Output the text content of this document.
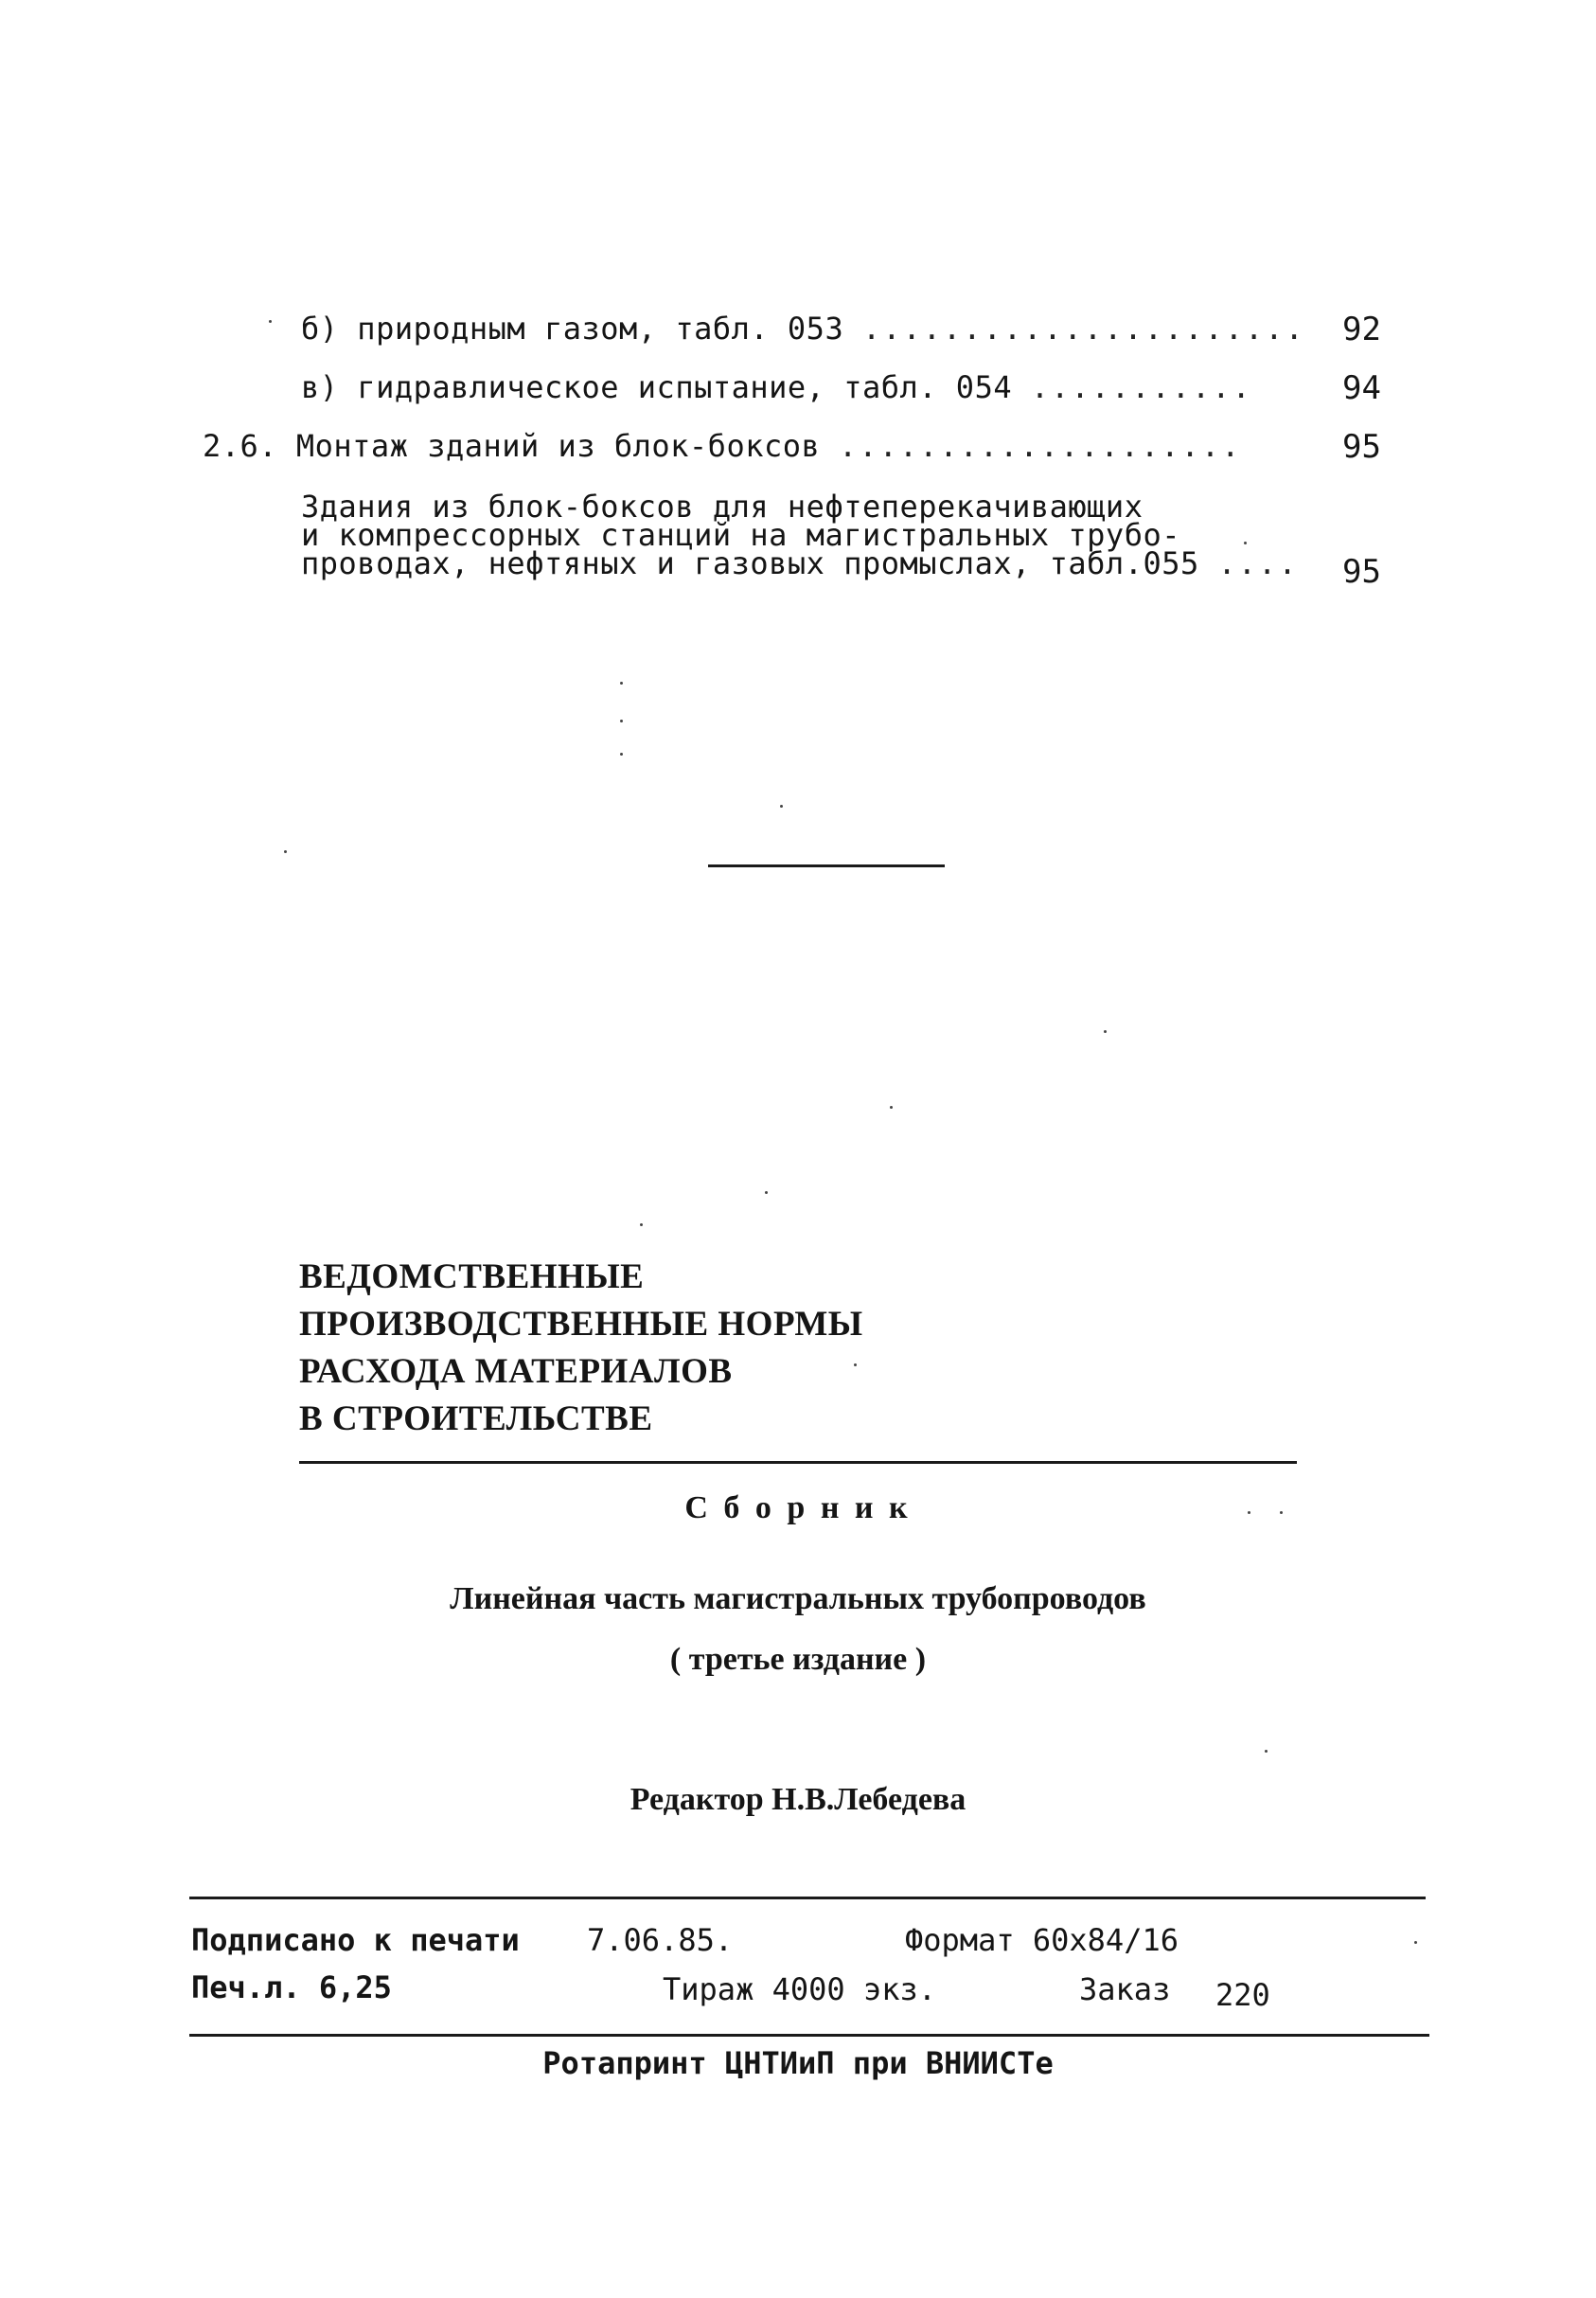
б) природным газом, табл. 053 ...................... 92
в) гидравлическое испытание, табл. 054 ...........	94
2.6. Монтаж зданий из блок-боксов ....................	95
Здания из блок-боксов для нефтеперекачивающих
и компрессорных станций на магистральных трубо-
проводах, нефтяных и газовых промыслах, табл.055 .... 95
ВЕДОМСТВЕННЫЕ
ПРОИЗВОДСТВЕННЫЕ НОРМЫ
РАСХОДА МАТЕРИАЛОВ
В СТРОИТЕЛЬСТВЕ
С б о р н и к
Линейная часть магистральных трубопроводов
( третье издание )
Редактор Н.В.Лебедева
Подписано к печати 7.06.85.	Формат 60х84/16
Печ.л. 6,25	Тираж 4000 экз.	Заказ 220
Ротапринт ЦНТИиП при ВНИИСТе
